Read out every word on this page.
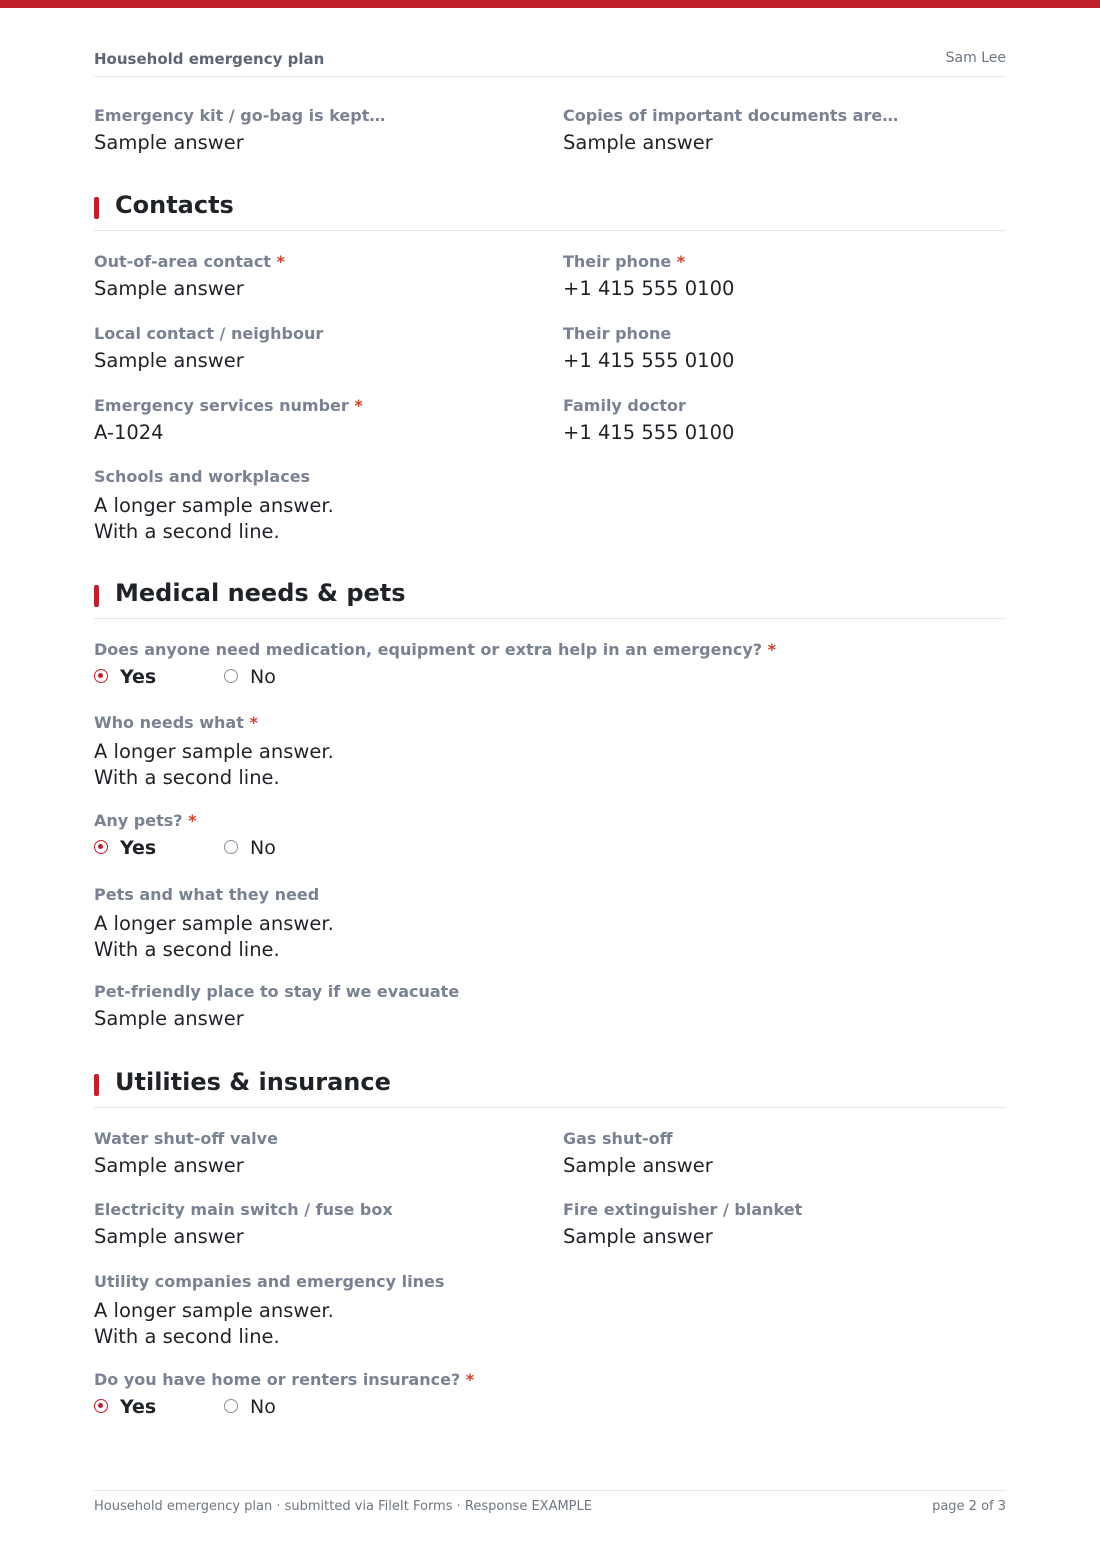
Household emergency plan	Sam Lee
Emergency kit / go-bag is kept…
Sample answer
Copies of important documents are…
Sample answer
Contacts
Out-of-area contact *
Sample answer
Their phone *
+1 415 555 0100
Local contact / neighbour
Sample answer
Their phone
+1 415 555 0100
Emergency services number *
A-1024
Family doctor
+1 415 555 0100
Schools and workplaces
A longer sample answer.
With a second line.
Medical needs & pets
Does anyone need medication, equipment or extra help in an emergency? *
Yes	No
Who needs what *
A longer sample answer.
With a second line.
Any pets? *
Yes	No
Pets and what they need
A longer sample answer.
With a second line.
Pet-friendly place to stay if we evacuate
Sample answer
Utilities & insurance
Water shut-off valve
Sample answer
Gas shut-off
Sample answer
Electricity main switch / fuse box
Sample answer
Fire extinguisher / blanket
Sample answer
Utility companies and emergency lines
A longer sample answer.
With a second line.
Do you have home or renters insurance? *
Yes	No
Household emergency plan · submitted via FileIt Forms · Response EXAMPLE	page 2 of 3
